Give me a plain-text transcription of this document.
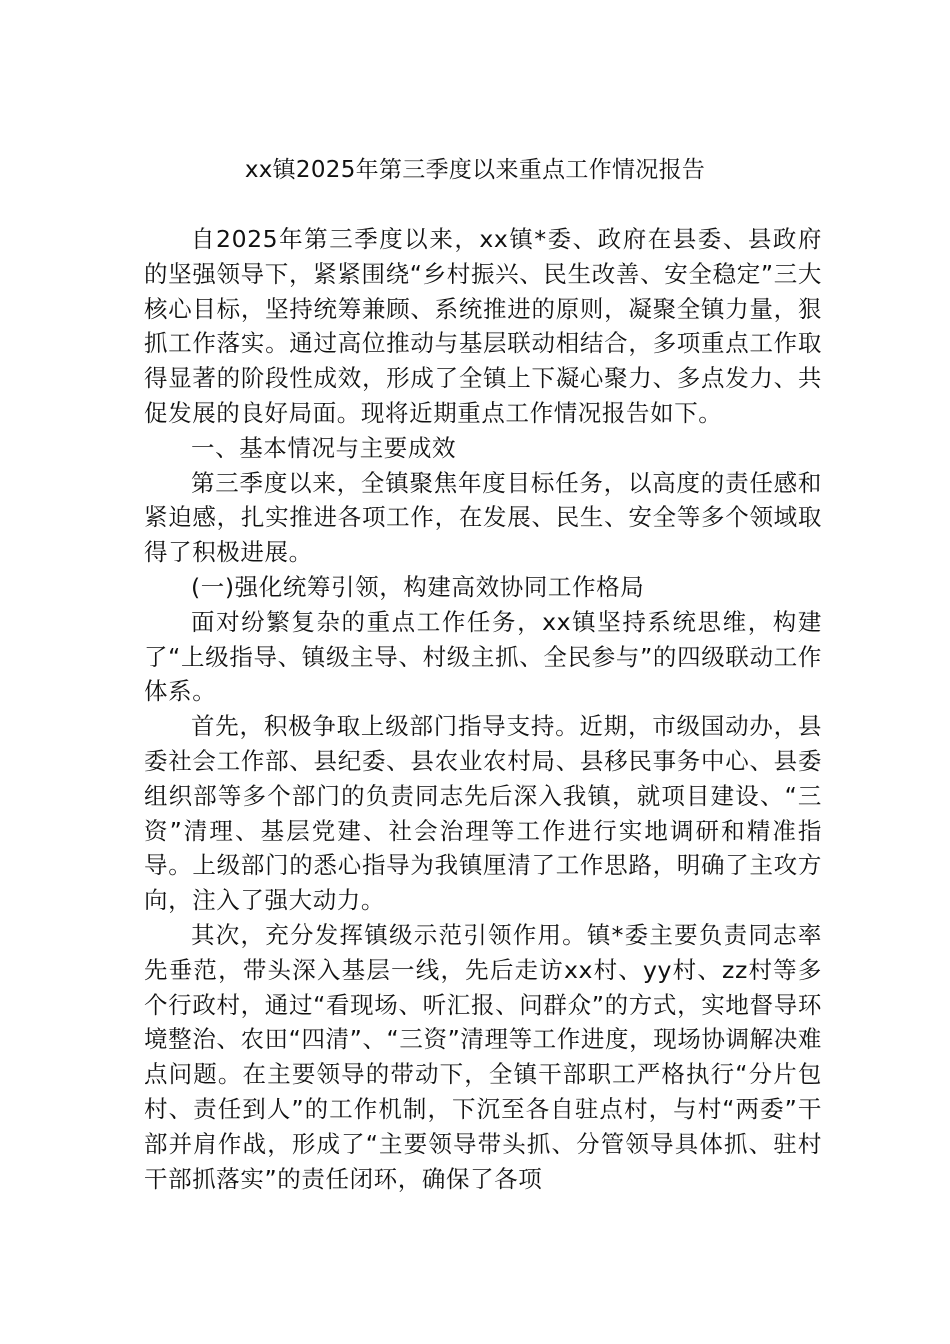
xx镇2025年第三季度以来重点工作情况报告

自2025年第三季度以来，xx镇*委、政府在县委、县政府的坚强领导下，紧紧围绕“乡村振兴、民生改善、安全稳定”三大核心目标，坚持统筹兼顾、系统推进的原则，凝聚全镇力量，狠抓工作落实。通过高位推动与基层联动相结合，多项重点工作取得显著的阶段性成效，形成了全镇上下凝心聚力、多点发力、共促发展的良好局面。现将近期重点工作情况报告如下。

一、基本情况与主要成效

第三季度以来，全镇聚焦年度目标任务，以高度的责任感和紧迫感，扎实推进各项工作，在发展、民生、安全等多个领域取得了积极进展。

(一)强化统筹引领，构建高效协同工作格局

面对纷繁复杂的重点工作任务，xx镇坚持系统思维，构建了“上级指导、镇级主导、村级主抓、全民参与”的四级联动工作体系。

首先，积极争取上级部门指导支持。近期，市级国动办，县委社会工作部、县纪委、县农业农村局、县移民事务中心、县委组织部等多个部门的负责同志先后深入我镇，就项目建设、“三资”清理、基层党建、社会治理等工作进行实地调研和精准指导。上级部门的悉心指导为我镇厘清了工作思路，明确了主攻方向，注入了强大动力。

其次，充分发挥镇级示范引领作用。镇*委主要负责同志率先垂范，带头深入基层一线，先后走访xx村、yy村、zz村等多个行政村，通过“看现场、听汇报、问群众”的方式，实地督导环境整治、农田“四清”、“三资”清理等工作进度，现场协调解决难点问题。在主要领导的带动下，全镇干部职工严格执行“分片包村、责任到人”的工作机制，下沉至各自驻点村，与村“两委”干部并肩作战，形成了“主要领导带头抓、分管领导具体抓、驻村干部抓落实”的责任闭环，确保了各项
